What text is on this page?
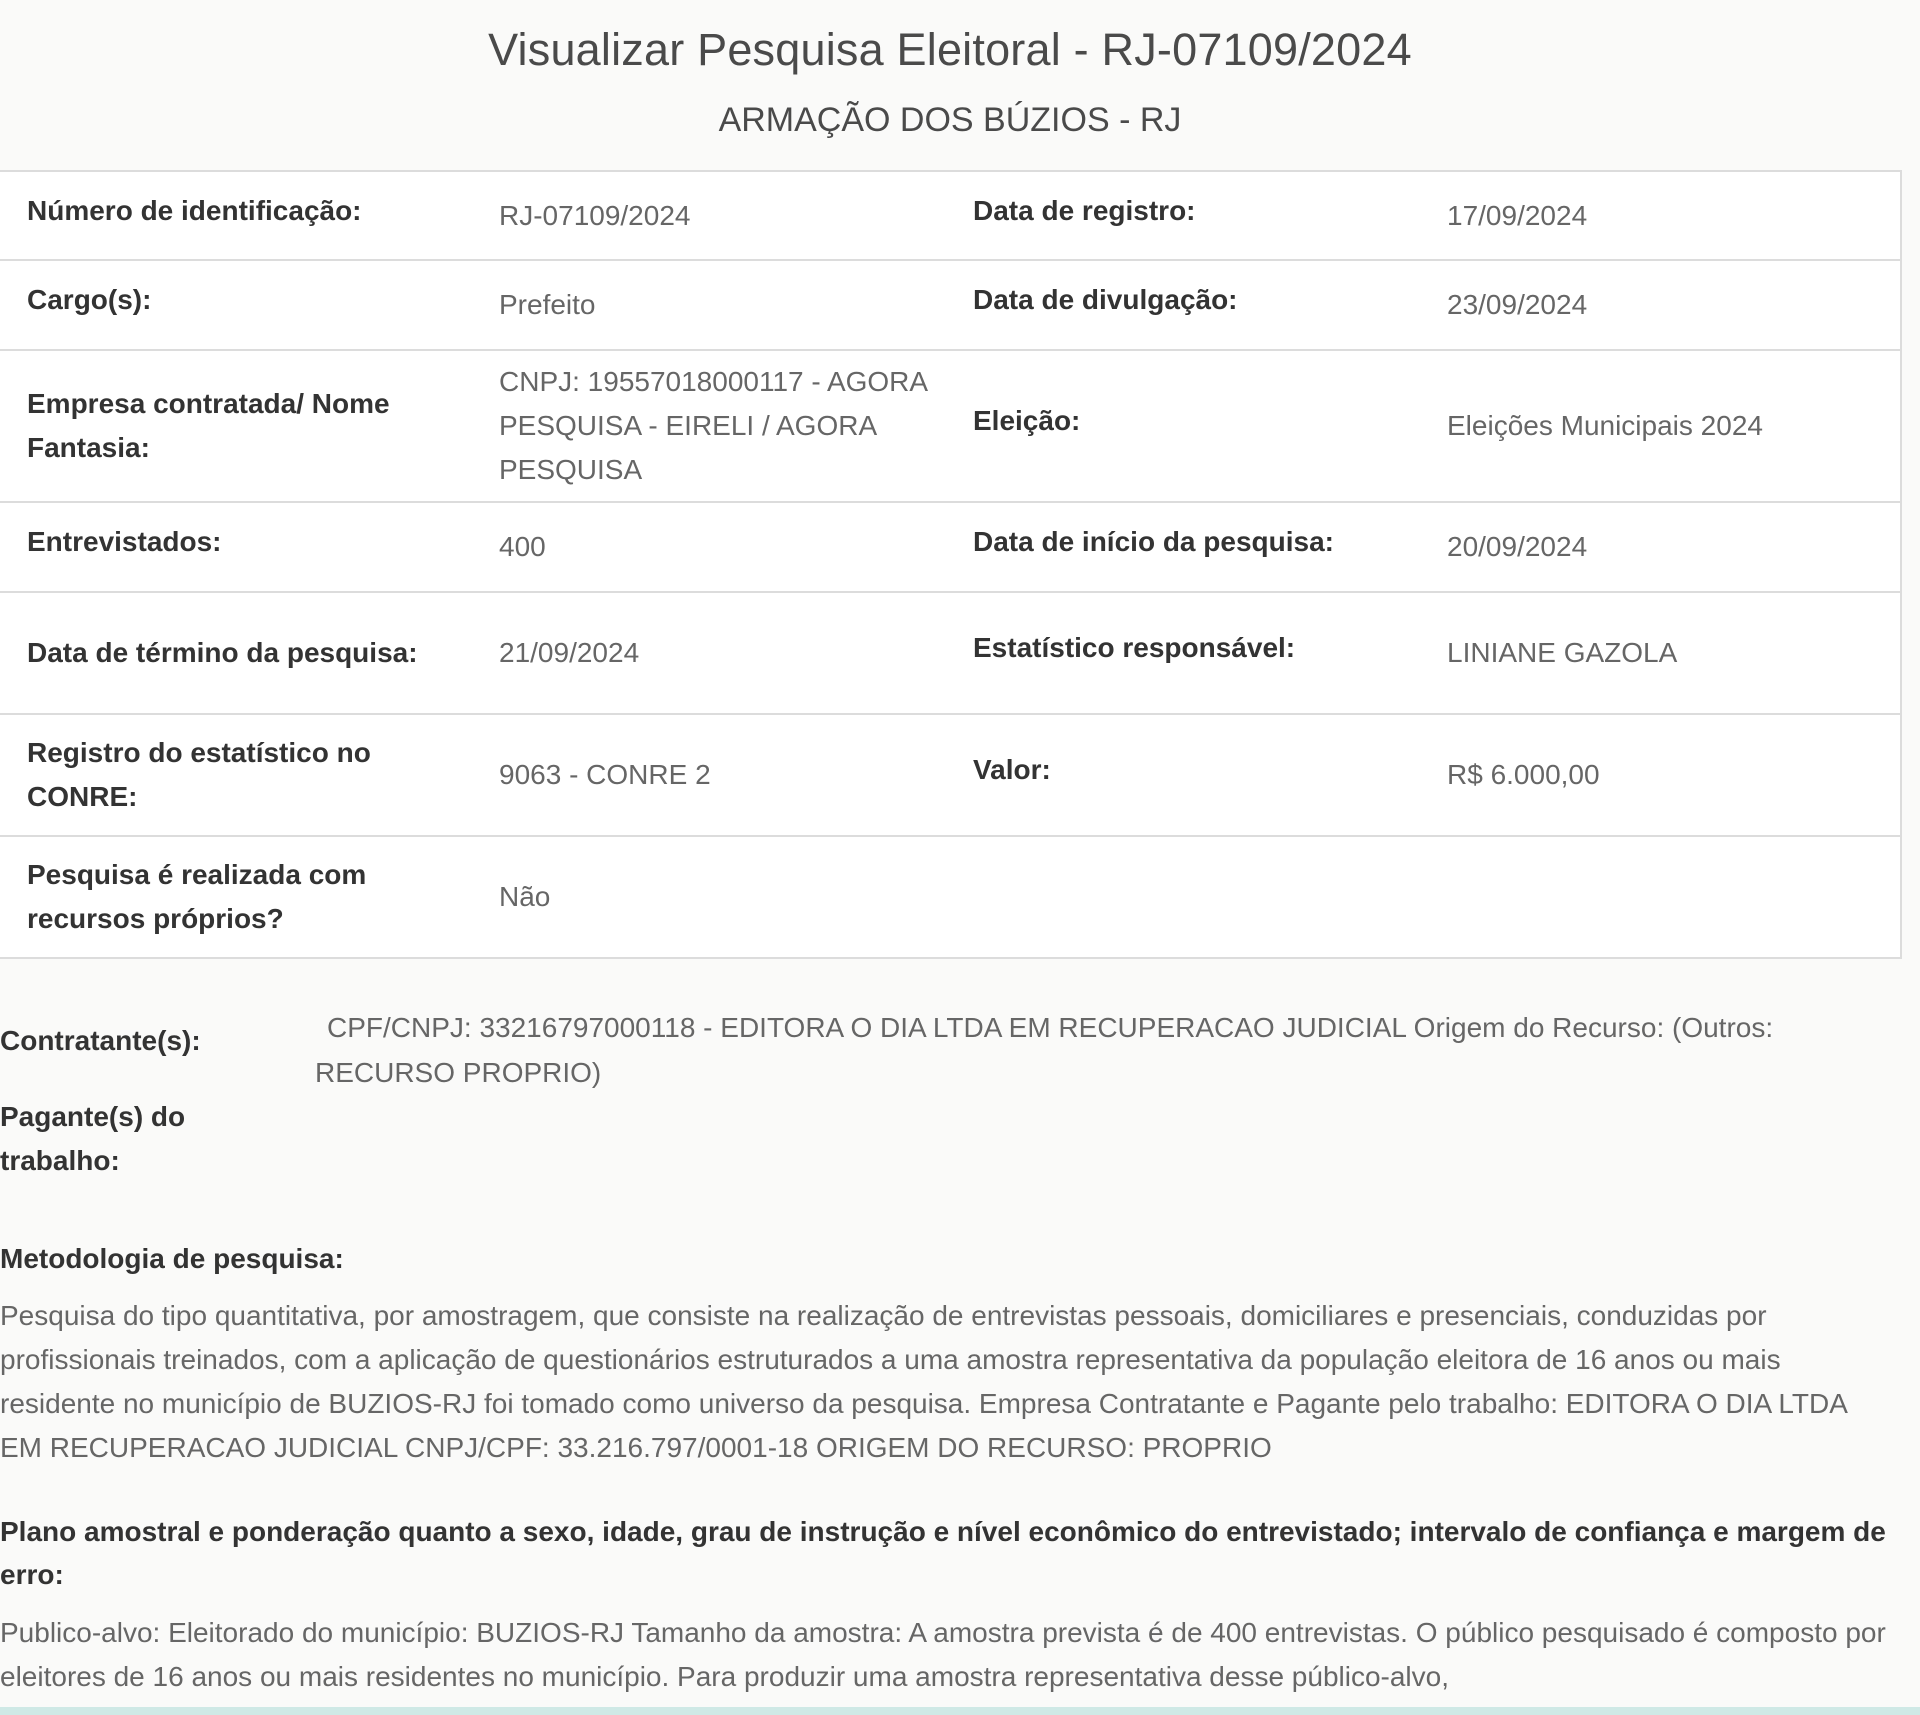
Visualizar Pesquisa Eleitoral - RJ-07109/2024
ARMAÇÃO DOS BÚZIOS - RJ
Número de identificação:	RJ-07109/2024	Data de registro:	17/09/2024
Cargo(s):	Prefeito	Data de divulgação:	23/09/2024
Empresa contratada/ Nome Fantasia:	CNPJ: 19557018000117 - AGORA PESQUISA - EIRELI / AGORA PESQUISA	Eleição:	Eleições Municipais 2024
Entrevistados:	400	Data de início da pesquisa:	20/09/2024
Data de término da pesquisa:	21/09/2024	Estatístico responsável:	LINIANE GAZOLA
Registro do estatístico no CONRE:	9063 - CONRE 2	Valor:	R$ 6.000,00
Pesquisa é realizada com recursos próprios?	Não		
Contratante(s):	CPF/CNPJ: 33216797000118 - EDITORA O DIA LTDA EM RECUPERACAO JUDICIAL Origem do Recurso: (Outros: RECURSO PROPRIO)
Pagante(s) do trabalho:
Metodologia de pesquisa:
Pesquisa do tipo quantitativa, por amostragem, que consiste na realização de entrevistas pessoais, domiciliares e presenciais, conduzidas por profissionais treinados, com a aplicação de questionários estruturados a uma amostra representativa da população eleitora de 16 anos ou mais residente no município de BUZIOS-RJ foi tomado como universo da pesquisa. Empresa Contratante e Pagante pelo trabalho: EDITORA O DIA LTDA EM RECUPERACAO JUDICIAL CNPJ/CPF: 33.216.797/0001-18 ORIGEM DO RECURSO: PROPRIO
Plano amostral e ponderação quanto a sexo, idade, grau de instrução e nível econômico do entrevistado; intervalo de confiança e margem de erro:
Publico-alvo: Eleitorado do município: BUZIOS-RJ Tamanho da amostra: A amostra prevista é de 400 entrevistas. O público pesquisado é composto por eleitores de 16 anos ou mais residentes no município. Para produzir uma amostra representativa desse público-alvo,
